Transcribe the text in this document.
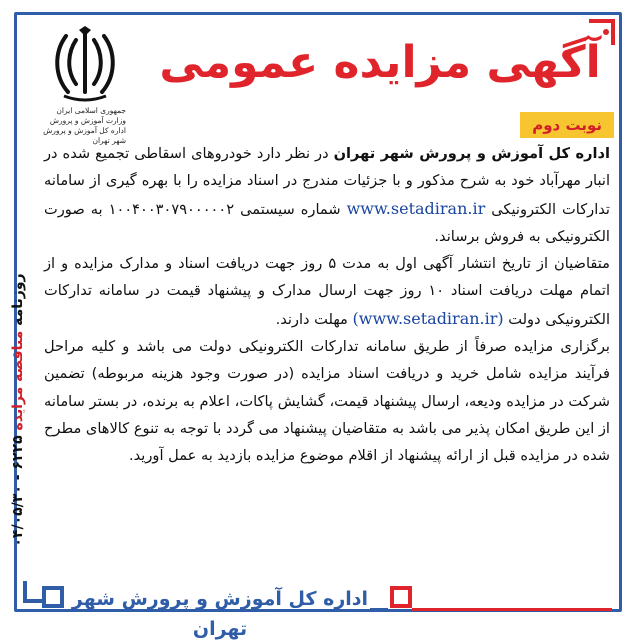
جمهوری اسلامی ایران
وزارت آموزش و پرورش
اداره کل آموزش و پرورش شهر تهران
آگهی مزایده عمومی
نوبت دوم
روزنامه مناقصه مزایده ۶۲۲۵ - ۰۴/۰۵/۳۰

اداره کل آموزش و پرورش شهر تهران در نظر دارد خودروهای اسقاطی تجمیع شده در انبار مهرآباد خود به شرح مذکور و با جزئیات مندرج در اسناد مزایده را با بهره گیری از سامانه تدارکات الکترونیکی www.setadiran.ir شماره سیستمی ۱۰۰۴۰۰۳۰۷۹۰۰۰۰۰۲ به صورت الکترونیکی به فروش برساند.

متقاضیان از تاریخ انتشار آگهی اول به مدت ۵ روز جهت دریافت اسناد و مدارک مزایده و از اتمام مهلت دریافت اسناد ۱۰ روز جهت ارسال مدارک و پیشنهاد قیمت در سامانه تدارکات الکترونیکی دولت (www.setadiran.ir) مهلت دارند.

برگزاری مزایده صرفاً از طریق سامانه تدارکات الکترونیکی دولت می باشد و کلیه مراحل فرآیند مزایده شامل خرید و دریافت اسناد مزایده (در صورت وجود هزینه مربوطه) تضمین شرکت در مزایده ودیعه، ارسال پیشنهاد قیمت، گشایش پاکات، اعلام به برنده، در بستر سامانه از این طریق امکان پذیر می باشد به متقاضیان پیشنهاد می گردد با توجه به تنوع کالاهای مطرح شده در مزایده قبل از ارائه پیشنهاد از اقلام موضوع مزایده بازدید به عمل آورید.

اداره کل آموزش و پرورش شهر تهران
